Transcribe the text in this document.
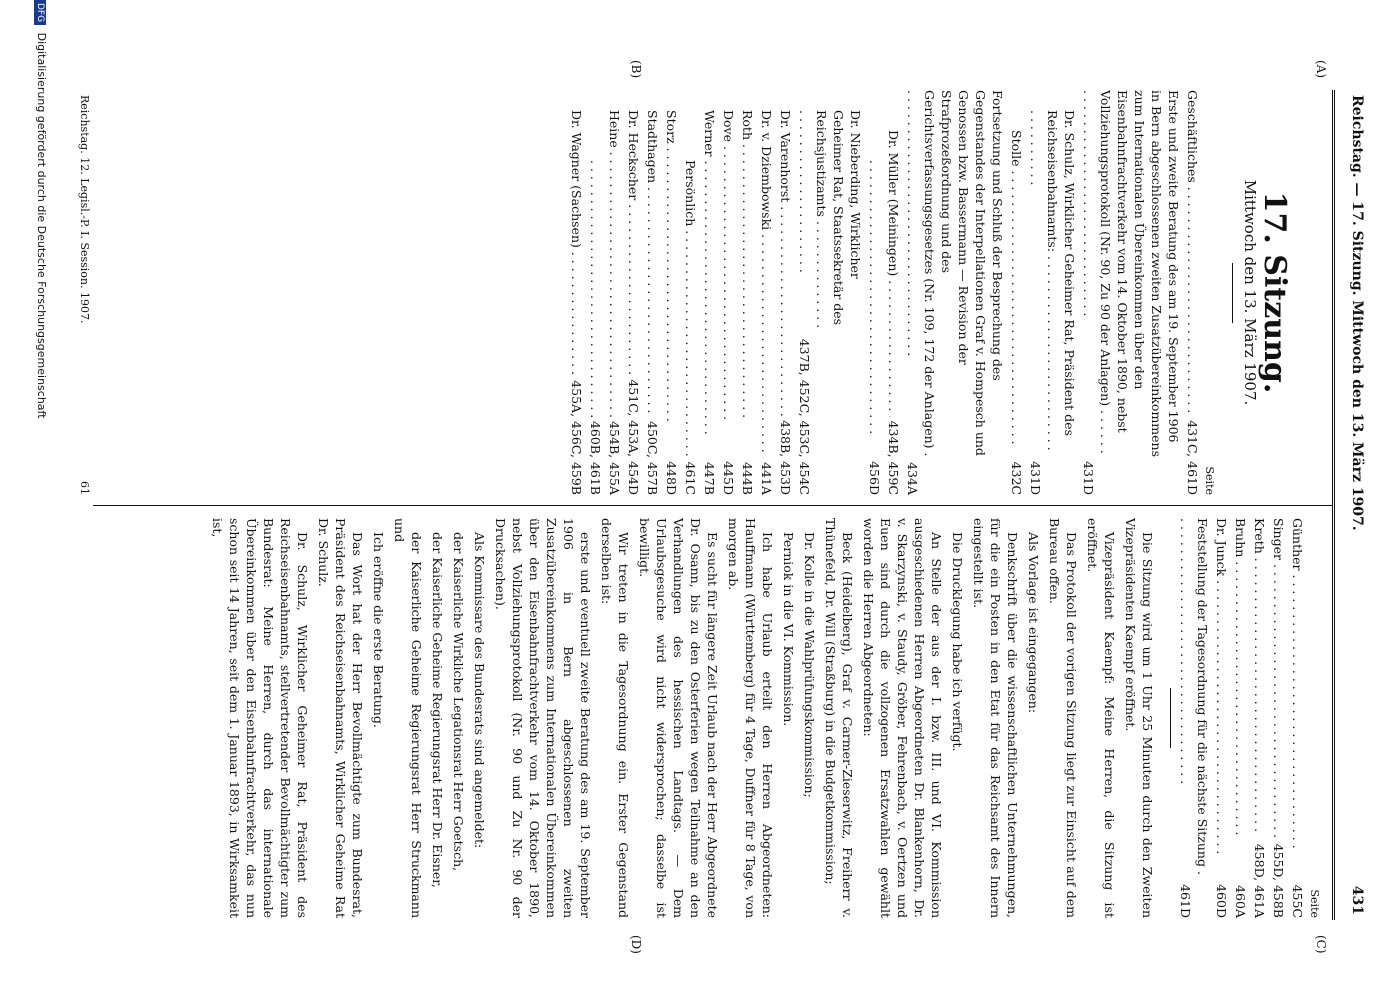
Reichstag. — 17. Sitzung. Mittwoch den 13. März 1907.
431
(A)
(B)
(C)
(D)
17. Sitzung.
Mittwoch den 13. März 1907.
Seite
Geschäftliches . . .
431C, 461D
Erste und zweite Beratung des am 19. September 1906 in Bern abgeschlossenen zweiten Zusatzübereinkommens zum Internationalen Übereinkommen über den Eisenbahnfrachtverkehr vom 14. Oktober 1890, nebst Vollziehungsprotokoll (Nr. 90, Zu 90 der Anlagen) . . .
431D
Dr. Schulz, Wirklicher Geheimer Rat, Präsident des Reichseisenbahnamts: . . .
431D
Stolle . . .
432C
Fortsetzung und Schluß der Besprechung des Gegenstandes der Interpellationen Graf v. Hompesch und Genossen bzw. Bassermann — Revision der Strafprozeßordnung und des Gerichtsverfassungsgesetzes (Nr. 109, 172 der Anlagen) . . .
434A
Dr. Müller (Meiningen) . . .
434B, 459C
. . .
456D
Dr. Nieberding, Wirklicher Geheimer Rat, Staatssekretär des Reichsjustizamts . . .
437B, 452C, 453C, 454C
Dr. Varenhorst . . .
438B, 453D
Dr. v. Dziembowski . . .
441A
Roth . . .
444B
Dove . . .
445D
Werner . . .
447B
Persönlich . . .
461C
Storz . . .
448D
Stadthagen . . .
450C, 457B
Dr. Heckscher . . .
451C, 453A, 454D
Heine . . .
454B, 455A
. . .
460B, 461B
Dr. Wagner (Sachsen) . . .
455A, 456C, 459B
Seite
Günther . . .
455C
Singer . . .
455D, 458B
Kreth . . .
458D, 461A
Bruhn . . .
460A
Dr. Junck . . .
460D
Feststellung der Tagesordnung für die nächste Sitzung . . .
461D

Die Sitzung wird um 1 Uhr 25 Minuten durch den Zweiten Vizepräsidenten Kaempf eröffnet.

Vizepräsident Kaempf: Meine Herren, die Sitzung ist eröffnet.

Das Protokoll der vorigen Sitzung liegt zur Einsicht auf dem Bureau offen.

Als Vorlage ist eingegangen:

Denkschrift über die wissenschaftlichen Unternehmungen, für die ein Posten in den Etat für das Reichsamt des Innern eingestellt ist.

Die Drucklegung habe ich verfügt.

An Stelle der aus der I. bzw. III. und VI. Kommission ausgeschiedenen Herren Abgeordneten Dr. Blankenhorn, Dr. v. Skarzynski, v. Staudy, Gröber, Fehrenbach, v. Oertzen und Euen sind durch die vollzogenen Ersatzwahlen gewählt worden die Herren Abgeordneten:

Beck (Heidelberg), Graf v. Carmer-Zieserwitz, Freiherr v. Thünefeld, Dr. Will (Straßburg) in die Budgetkommission;

Dr. Kolle in die Wahlprüfungskommission;

Perniok in die VI. Kommission.

Ich habe Urlaub erteilt den Herren Abgeordneten: Hauffmann (Württemberg) für 4 Tage, Duffner für 8 Tage, von morgen ab.

Es sucht für längere Zeit Urlaub nach der Herr Abgeordnete Dr. Osann, bis zu den Osterferien wegen Teilnahme an den Verhandlungen des hessischen Landtags. — Dem Urlaubsgesuche wird nicht widersprochen; dasselbe ist bewilligt.

Wir treten in die Tagesordnung ein. Erster Gegenstand derselben ist:

erste und eventuell zweite Beratung des am 19. September 1906 in Bern abgeschlossenen zweiten Zusatzübereinkommens zum Internationalen Übereinkommen über den Eisenbahnfrachtverkehr vom 14. Oktober 1890, nebst Vollziehungsprotokoll (Nr. 90 und Zu Nr. 90 der Drucksachen).

Als Kommissare des Bundesrats sind angemeldet:

der Kaiserliche Wirkliche Legationsrat Herr Goetsch,

der Kaiserliche Geheime Regierungsrat Herr Dr. Eisner,

der Kaiserliche Geheime Regierungsrat Herr Struckmann und

Ich eröffne die erste Beratung.

Das Wort hat der Herr Bevollmächtigte zum Bundesrat, Präsident des Reichseisenbahnamts, Wirklicher Geheime Rat Dr. Schulz.

Dr. Schulz, Wirklicher Geheimer Rat, Präsident des Reichseisenbahnamts, stellvertretender Bevollmächtigter zum Bundesrat: Meine Herren, durch das internationale Übereinkommen über den Eisenbahnfrachtverkehr, das nun schon seit 14 Jahren, seit dem 1. Januar 1893, in Wirksamkeit ist,

Reichstag. 12. Legisl.-P. I. Session. 1907.
61
DFG Digitalisierung gefördert durch die Deutsche Forschungsgemeinschaft
